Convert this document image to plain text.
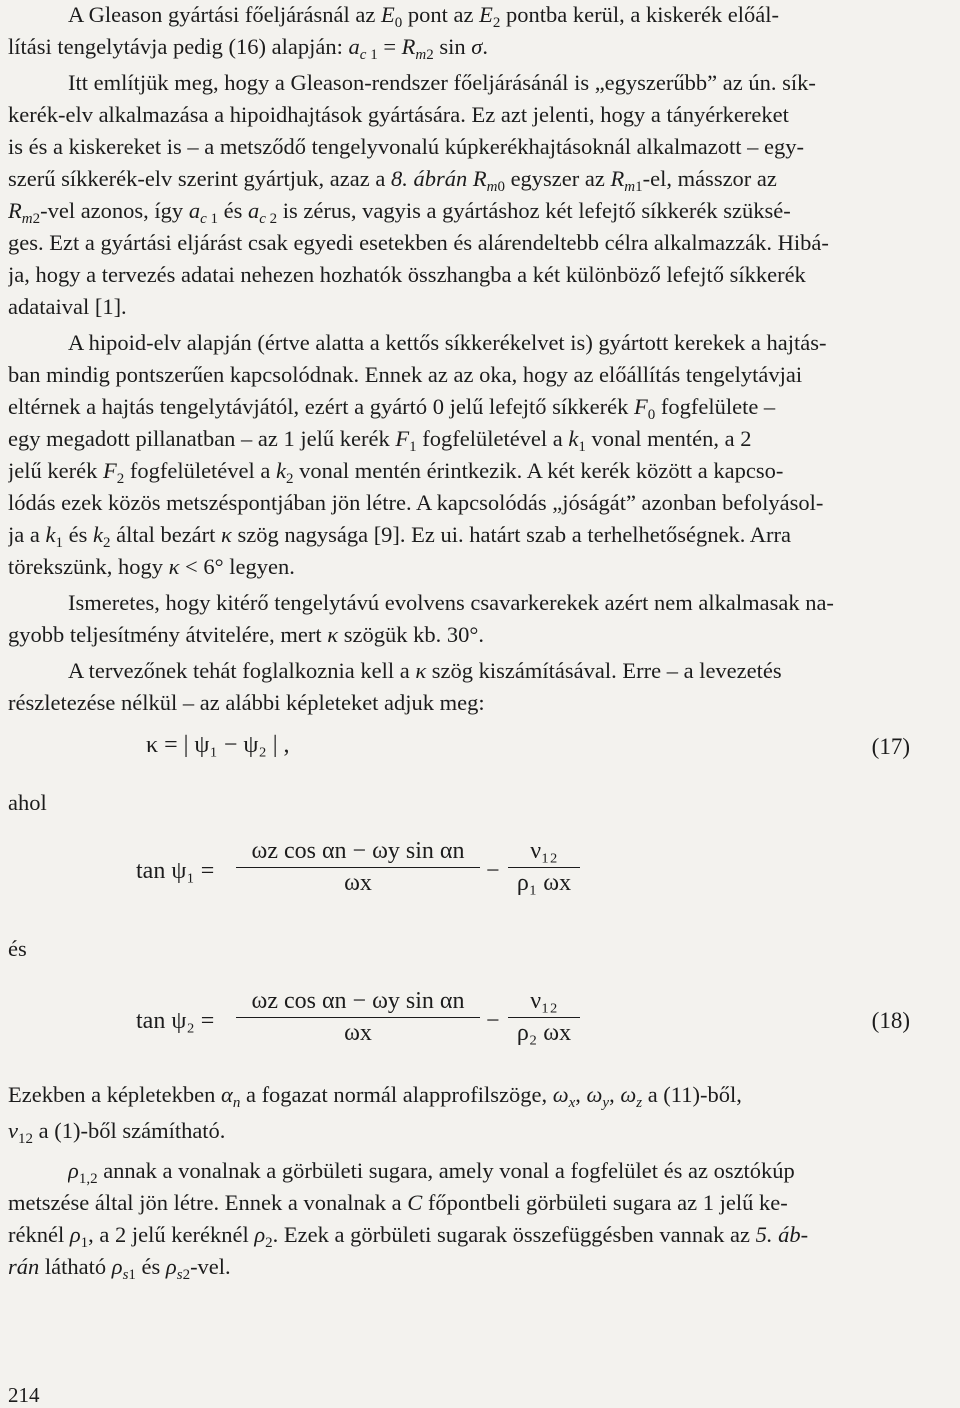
A Gleason gyártási főeljárásnál az $E_0$ pont az $E_2$ pontba kerül, a kiskerék előál-
lítási tengelytávja pedig (16) alapján: $a_{c 1} = R_{m2}$ sin σ.
Itt említjük meg, hogy a Gleason-rendszer főeljárásánál is „egyszerűbb” az ún. sík-
kerék-elv alkalmazása a hipoidhajtások gyártására. Ez azt jelenti, hogy a tányérkereket
is és a kiskereket is – a metsződő tengelyvonalú kúpkerékhajtásoknál alkalmazott – egy-
szerű síkkerék-elv szerint gyártjuk, azaz a 8. ábrán $R_{m0}$ egyszer az $R_{m1}-el$, másszor az
$R_{m2}$-vel azonos, így $a_{c 1}$ és $a_{c 2}$ is zérus, vagyis a gyártáshoz két lefejtő síkkerék szüksé-
ges. Ezt a gyártási eljárást csak egyedi esetekben és alárendeltebb célra alkalmazzák. Hibá-
ja, hogy a tervezés adatai nehezen hozhatók összhangba a két különböző lefejtő síkkerék
adataival [1].
A hipoid-elv alapján (értve alatta a kettős síkkerékelvet is) gyártott kerekek a hajtás-
ban mindig pontszerűen kapcsolódnak. Ennek az az oka, hogy az előállítás tengelytávjai
eltérnek a hajtás tengelytávjától, ezért a gyártó 0 jelű lefejtő síkkerék $F_0$ fogfelülete –
egy megadott pillanatban – az 1 jelű kerék $F_1$ fogfelületével a $k_1$ vonal mentén, a 2
jelű kerék $F_2$ fogfelületével a $k_2$ vonal mentén érintkezik. A két kerék között a kapcso-
lódás ezek közös metszéspontjában jön létre. A kapcsolódás „jóságát” azonban befolyásol-
ja a $k_1$ és $k_2$ által bezárt κ szög nagysága [9]. Ez ui. határt szab a terhelhetőségnek. Arra
törekszünk, hogy κ < 6° legyen.
Ismeretes, hogy kitérő tengelytávú evolvens csavarkerekek azért nem alkalmasak na-
gyobb teljesítmény átvitelére, mert κ szögük kb. 30°.
A tervezőnek tehát foglalkoznia kell a κ szög kiszámításával. Erre – a levezetés
részletezése nélkül – az alábbi képleteket adjuk meg:
κ = | ψ₁ − ψ₂ | ,	(17)
ahol
tan ψ₁ =
ωz cos αn − ωy sin αn
ωx	−
ν₁₂
ρ₁ ωx
és
tan ψ₂ =
ωz cos αn − ωy sin αn
ωx	−
ν₁₂
ρ₂ ωx	(18)
Ezekben a képletekben $\alpha_n$ a fogazat normál alapprofilszöge, $\omega_x$, $\omega_y$, $\omega_z$ a (11)-ből,
$\nu_{12}$ a (1)-ből számítható.
$\rho_{1,2}$ annak a vonalnak a görbületi sugara, amely vonal a fogfelület és az osztókúp
metszése által jön létre. Ennek a vonalnak a C főpontbeli görbületi sugara az 1 jelű ke-
réknél $\rho_1$, a 2 jelű keréknél $\rho_2$. Ezek a görbületi sugarak összefüggésben vannak az 5. áb-
rán látható $\rho_{s1}$ és $\rho_{s2}$-vel.
214
